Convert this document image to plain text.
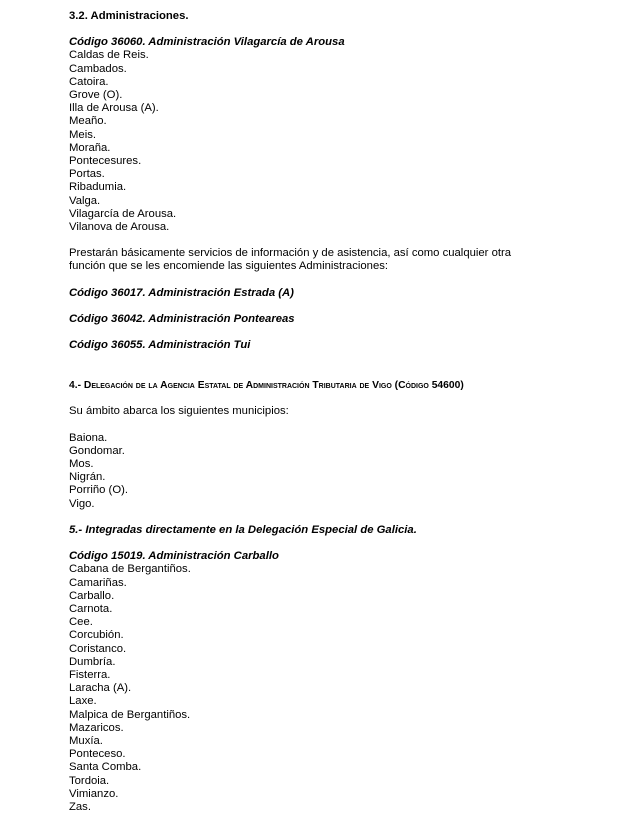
3.2. Administraciones.
Código 36060. Administración Vilagarcía de Arousa
Caldas de Reis.
Cambados.
Catoira.
Grove (O).
Illa de Arousa (A).
Meaño.
Meis.
Moraña.
Pontecesures.
Portas.
Ribadumia.
Valga.
Vilagarcía de Arousa.
Vilanova de Arousa.

Prestarán básicamente servicios de información y de asistencia, así como cualquier otra función que se les encomiende las siguientes Administraciones:

Código 36017. Administración Estrada (A)
Código 36042. Administración Ponteareas
Código 36055. Administración Tui
4.- Delegación de la Agencia Estatal de Administración Tributaria de Vigo (Código 54600)
Su ámbito abarca los siguientes municipios:
Baiona.
Gondomar.
Mos.
Nigrán.
Porriño (O).
Vigo.
5.- Integradas directamente en la Delegación Especial de Galicia.
Código 15019. Administración Carballo
Cabana de Bergantiños.
Camariñas.
Carballo.
Carnota.
Cee.
Corcubión.
Coristanco.
Dumbría.
Fisterra.
Laracha (A).
Laxe.
Malpica de Bergantiños.
Mazaricos.
Muxía.
Ponteceso.
Santa Comba.
Tordoia.
Vimianzo.
Zas.
